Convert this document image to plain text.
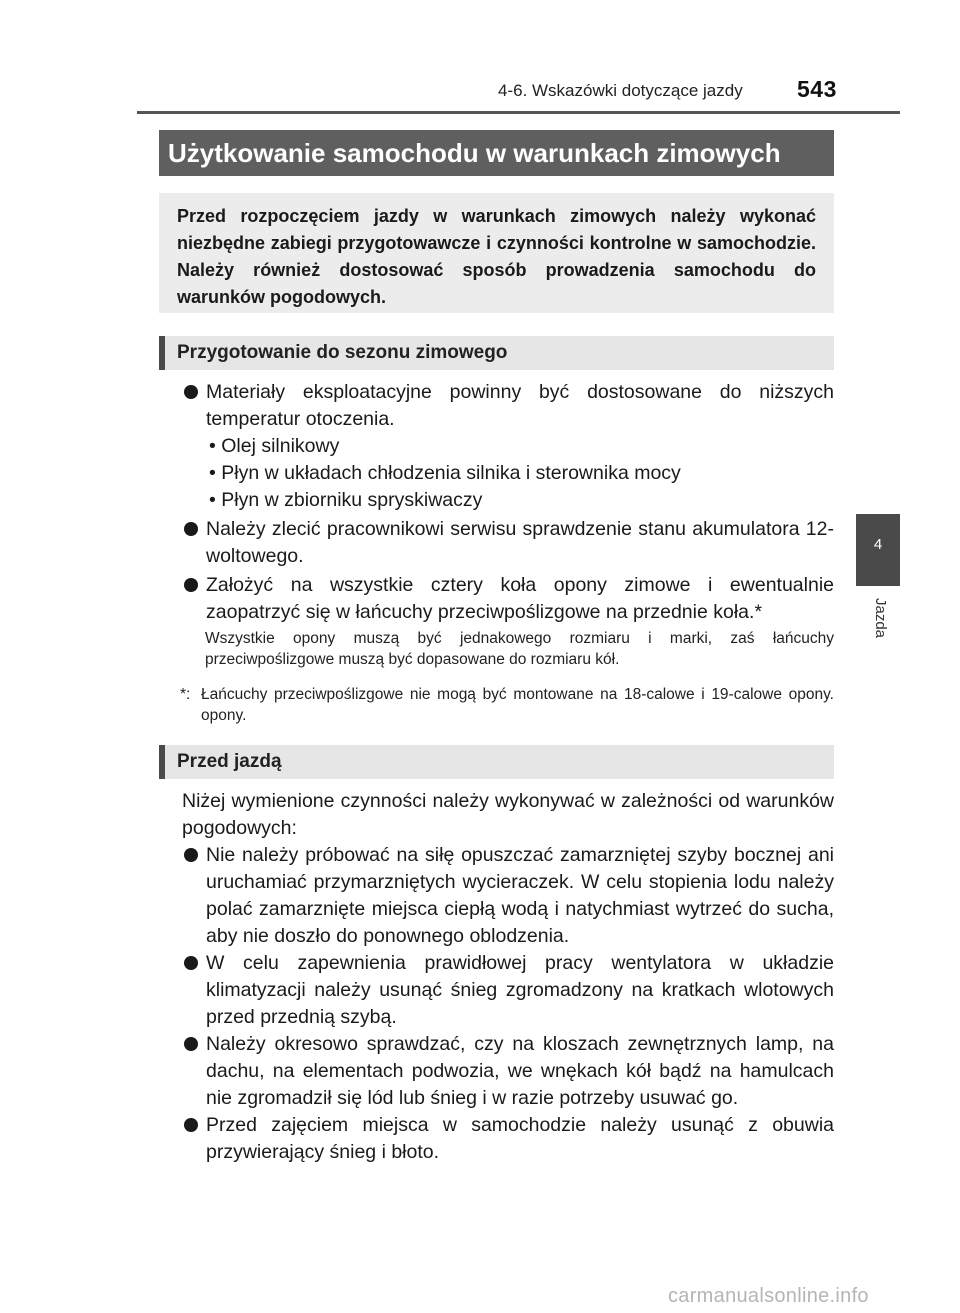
4-6. Wskazówki dotyczące jazdy 543
4
Jazda
Użytkowanie samochodu w warunkach zimowych
Przed rozpoczęciem jazdy w warunkach zimowych należy wykonać niezbędne zabiegi przygotowawcze i czynności kontrolne w samochodzie. Należy również dostosować sposób prowadzenia samochodu do warunków pogodowych.
Przygotowanie do sezonu zimowego
Materiały eksploatacyjne powinny być dostosowane do niższych temperatur otoczenia.
• Olej silnikowy
• Płyn w układach chłodzenia silnika i sterownika mocy
• Płyn w zbiorniku spryskiwaczy
Należy zlecić pracownikowi serwisu sprawdzenie stanu akumulatora 12-woltowego.
Założyć na wszystkie cztery koła opony zimowe i ewentualnie zaopatrzyć się w łańcuchy przeciwpoślizgowe na przednie koła.*
Wszystkie opony muszą być jednakowego rozmiaru i marki, zaś łańcuchy przeciwpoślizgowe muszą być dopasowane do rozmiaru kół.
*: Łańcuchy przeciwpoślizgowe nie mogą być montowane na 18-calowe i 19-calowe opony. opony.
Przed jazdą
Niżej wymienione czynności należy wykonywać w zależności od warunków pogodowych:
Nie należy próbować na siłę opuszczać zamarzniętej szyby bocznej ani uruchamiać przymarzniętych wycieraczek. W celu stopienia lodu należy polać zamarznięte miejsca ciepłą wodą i natychmiast wytrzeć do sucha, aby nie doszło do ponownego oblodzenia.
W celu zapewnienia prawidłowej pracy wentylatora w układzie klimatyzacji należy usunąć śnieg zgromadzony na kratkach wlotowych przed przednią szybą.
Należy okresowo sprawdzać, czy na kloszach zewnętrznych lamp, na dachu, na elementach podwozia, we wnękach kół bądź na hamulcach nie zgromadził się lód lub śnieg i w razie potrzeby usuwać go.
Przed zajęciem miejsca w samochodzie należy usunąć z obuwia przywierający śnieg i błoto.
carmanualsonline.info
